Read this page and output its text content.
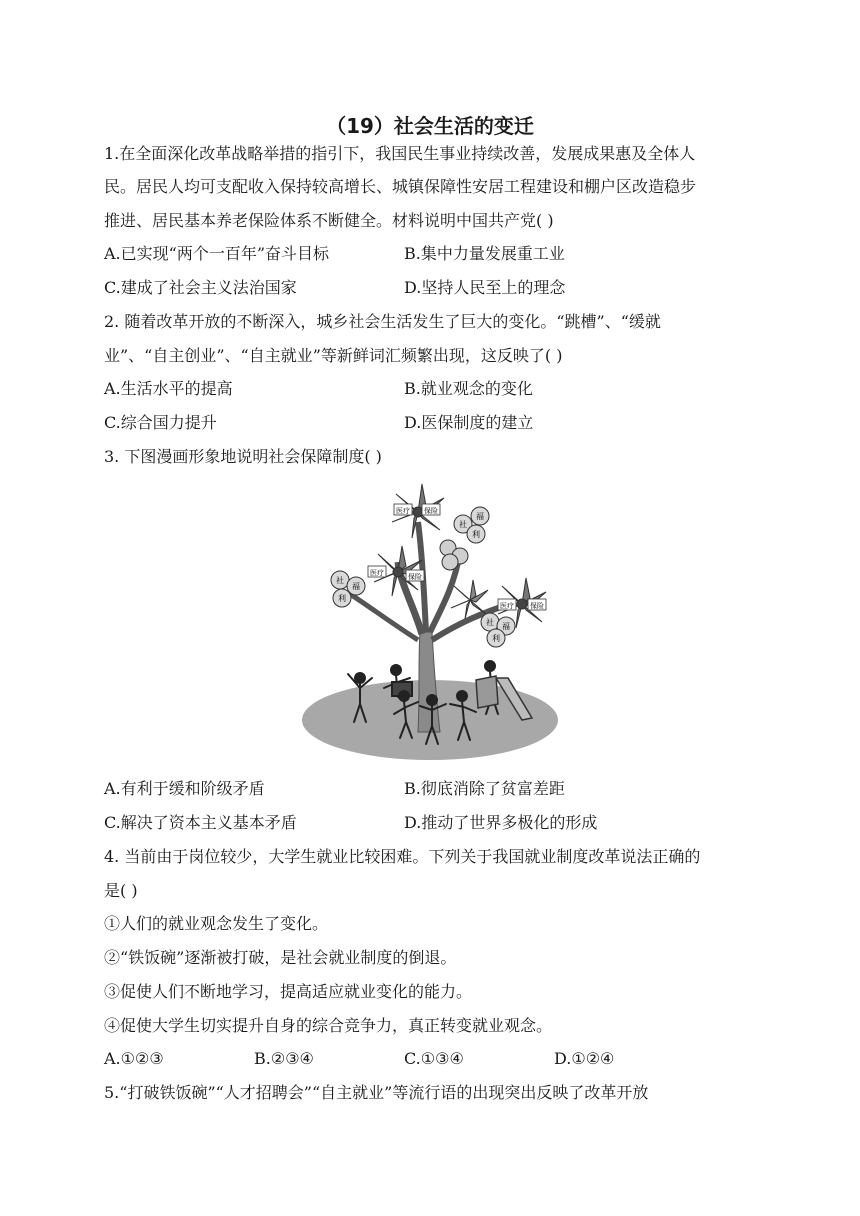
（19）社会生活的变迁
1.在全面深化改革战略举措的指引下，我国民生事业持续改善，发展成果惠及全体人
民。居民人均可支配收入保持较高增长、城镇保障性安居工程建设和棚户区改造稳步
推进、居民基本养老保险体系不断健全。材料说明中国共产党( )
A.已实现“两个一百年”奋斗目标	B.集中力量发展重工业
C.建成了社会主义法治国家	D.坚持人民至上的理念
2. 随着改革开放的不断深入，城乡社会生活发生了巨大的变化。“跳槽”、“缓就
业”、“自主创业”、“自主就业”等新鲜词汇频繁出现，这反映了( )
A.生活水平的提高	B.就业观念的变化
C.综合国力提升	D.医保制度的建立
3. 下图漫画形象地说明社会保障制度( )
医疗 保险
医疗	保险
医疗 保险
社
福
利
社
福
利
社 福
利
A.有利于缓和阶级矛盾	B.彻底消除了贫富差距
C.解决了资本主义基本矛盾	D.推动了世界多极化的形成
4. 当前由于岗位较少，大学生就业比较困难。下列关于我国就业制度改革说法正确的
是( )
①人们的就业观念发生了变化。
②“铁饭碗”逐渐被打破，是社会就业制度的倒退。
③促使人们不断地学习，提高适应就业变化的能力。
④促使大学生切实提升自身的综合竞争力，真正转变就业观念。
A.①②③	B.②③④	C.①③④	D.①②④
5.“打破铁饭碗”“人才招聘会”“自主就业”等流行语的出现突出反映了改革开放
